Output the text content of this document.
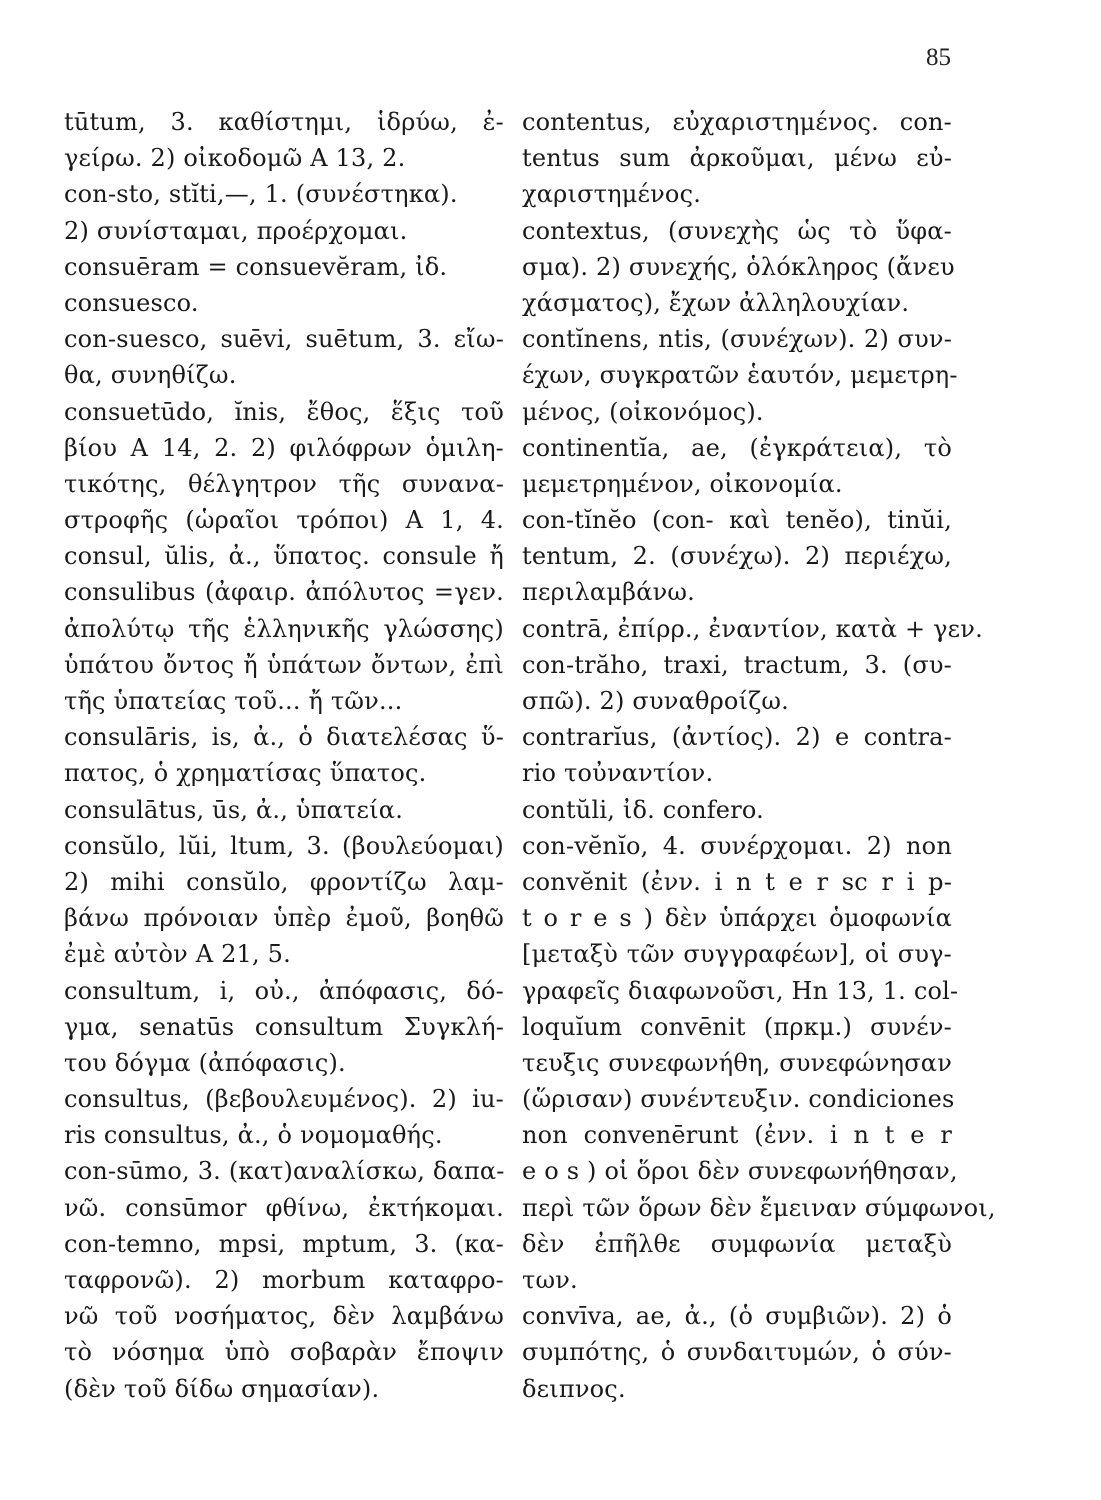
85
tūtum, 3. καθίστημι, ἱδρύω, ἐ-
γείρω. 2) οἰκοδομῶ Α 13, 2.
con-sto, stĭti,—, 1. (συνέστηκα).
2) συνίσταμαι, προέρχομαι.
consuēram = consuevĕram, ἰδ.
consuesco.
con-suesco, suēvi, suētum, 3. εἴω-
θα, συνηθίζω.
consuetūdo, ĭnis, ἔθος, ἕξις τοῦ
βίου Α 14, 2. 2) φιλόφρων ὁμιλη-
τικότης, θέλγητρον τῆς συνανα-
στροφῆς (ὡραῖοι τρόποι) Α 1, 4.
consul, ŭlis, ἀ., ὕπατος. consule ἤ
consulibus (ἀφαιρ. ἀπόλυτος =γεν.
ἀπολύτῳ τῆς ἑλληνικῆς γλώσσης)
ὑπάτου ὄντος ἤ ὑπάτων ὄντων, ἐπὶ
τῆς ὑπατείας τοῦ... ἤ τῶν...
consulāris, is, ἀ., ὁ διατελέσας ὕ-
πατος, ὁ χρηματίσας ὕπατος.
consulātus, ūs, ἀ., ὑπατεία.
consŭlo, lŭi, ltum, 3. (βουλεύομαι)
2) mihi consŭlo, φροντίζω λαμ-
βάνω πρόνοιαν ὑπὲρ ἐμοῦ, βοηθῶ
ἐμὲ αὐτὸν Α 21, 5.
consultum, i, οὐ., ἀπόφασις, δό-
γμα, senatūs consultum Συγκλή-
του δόγμα (ἀπόφασις).
consultus, (βεβουλευμένος). 2) iu-
ris consultus, ἀ., ὁ νομομαθής.
con-sūmo, 3. (κατ)αναλίσκω, δαπα-
νῶ. consūmor φθίνω, ἐκτήκομαι.
con-temno, mpsi, mptum, 3. (κα-
ταφρονῶ). 2) morbum καταφρο-
νῶ τοῦ νοσήματος, δὲν λαμβάνω
τὸ νόσημα ὑπὸ σοβαρὰν ἔποψιν
(δὲν τοῦ δίδω σημασίαν).
contentus, εὐχαριστημένος. con-
tentus sum ἀρκοῦμαι, μένω εὐ-
χαριστημένος.
contextus, (συνεχὴς ὡς τὸ ὕφα-
σμα). 2) συνεχής, ὁλόκληρος (ἄνευ
χάσματος), ἔχων ἀλληλουχίαν.
contĭnens, ntis, (συνέχων). 2) συν-
έχων, συγκρατῶν ἑαυτόν, μεμετρη-
μένος, (οἰκονόμος).
continentĭa, ae, (ἐγκράτεια), τὸ
μεμετρημένον, οἰκονομία.
con-tĭnĕo (con- καὶ tenĕo), tinŭi,
tentum, 2. (συνέχω). 2) περιέχω,
περιλαμβάνω.
contrā, ἐπίρρ., ἐναντίον, κατὰ + γεν.
con-trăho, traxi, tractum, 3. (συ-
σπῶ). 2) συναθροίζω.
contrarĭus, (ἀντίος). 2) e contra-
rio τοὐναντίον.
contŭli, ἰδ. confero.
con-vĕnĭo, 4. συνέρχομαι. 2) non
convĕnit (ἐνν. i n t e r sc r i p-
t o r e s ) δὲν ὑπάρχει ὁμοφωνία
[μεταξὺ τῶν συγγραφέων], οἱ συγ-
γραφεῖς διαφωνοῦσι, Hn 13, 1. col-
loquĭum convēnit (πρκμ.) συνέν-
τευξις συνεφωνήθη, συνεφώνησαν
(ὥρισαν) συνέντευξιν. condiciones
non convenērunt (ἐνν. i n t e r
e o s ) οἱ ὅροι δὲν συνεφωνήθησαν,
περὶ τῶν ὅρων δὲν ἔμειναν σύμφωνοι,
δὲν ἐπῆλθε συμφωνία μεταξὺ
των.
convīva, ae, ἀ., (ὁ συμβιῶν). 2) ὁ
συμπότης, ὁ συνδαιτυμών, ὁ σύν-
δειπνος.
